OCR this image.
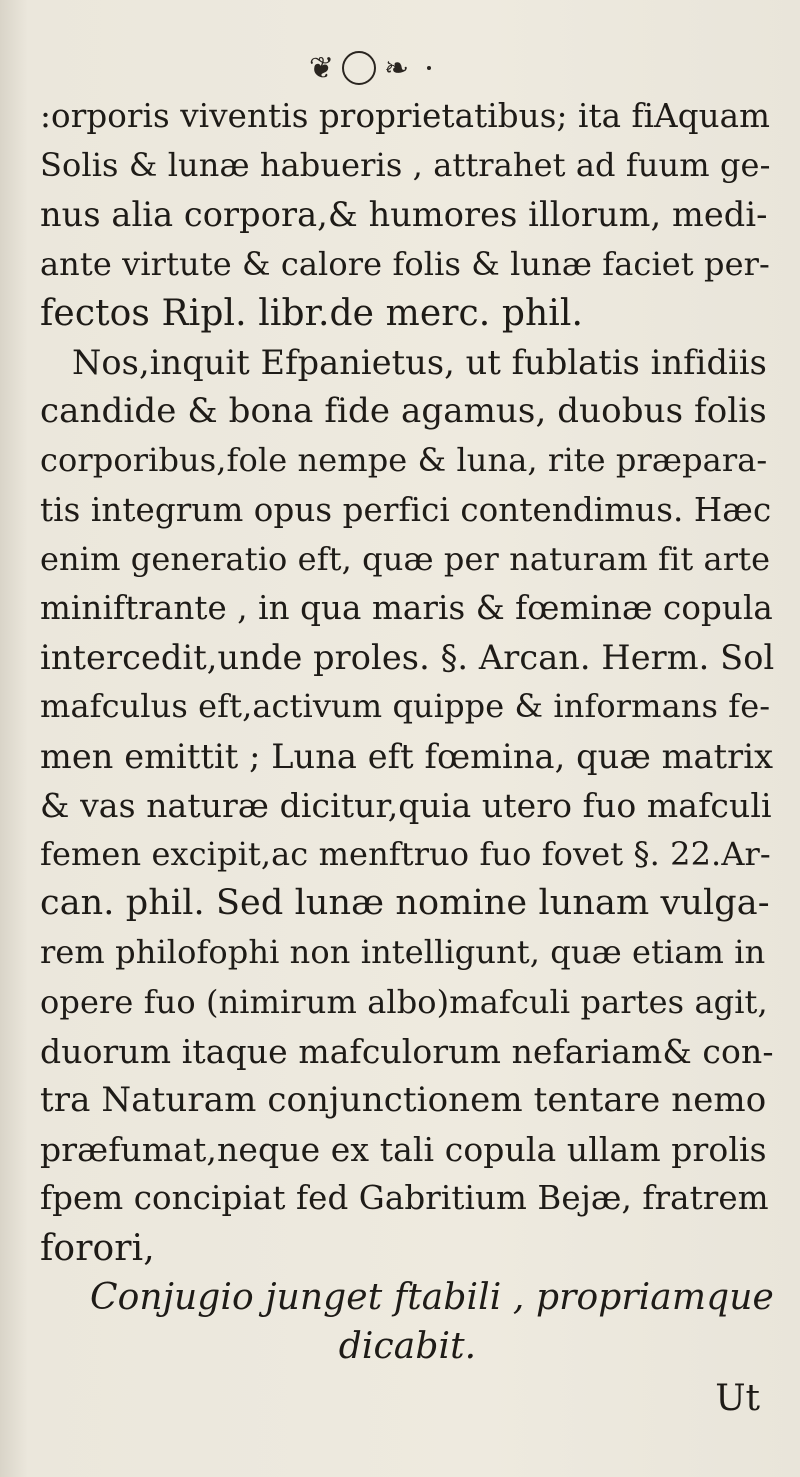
❦ ❧
:orporis viventis proprietatibus; ita fiAquam
Solis & lunæ habueris , attrahet ad fuum ge-
nus alia corpora,& humores illorum, medi-
ante virtute & calore folis & lunæ faciet per-
fectos Ripl. libr.de merc. phil.
Nos,inquit Efpanietus, ut fublatis infidiis
candide & bona fide agamus, duobus folis
corporibus,fole nempe & luna, rite præpara-
tis integrum opus perfici contendimus. Hæc
enim generatio eft, quæ per naturam fit arte
miniftrante , in qua maris & fœminæ copula
intercedit,unde proles. §. Arcan. Herm. Sol
mafculus eft,activum quippe & informans fe-
men emittit ; Luna eft fœmina, quæ matrix
& vas naturæ dicitur,quia utero fuo mafculi
femen excipit,ac menftruo fuo fovet §. 22.Ar-
can. phil. Sed lunæ nomine lunam vulga-
rem philofophi non intelligunt, quæ etiam in
opere fuo (nimirum albo)mafculi partes agit,
duorum itaque mafculorum nefariam& con-
tra Naturam conjunctionem tentare nemo
præfumat,neque ex tali copula ullam prolis
fpem concipiat fed Gabritium Bejæ, fratrem
forori,
Conjugio junget ftabili , propriamque
dicabit.
Ut
